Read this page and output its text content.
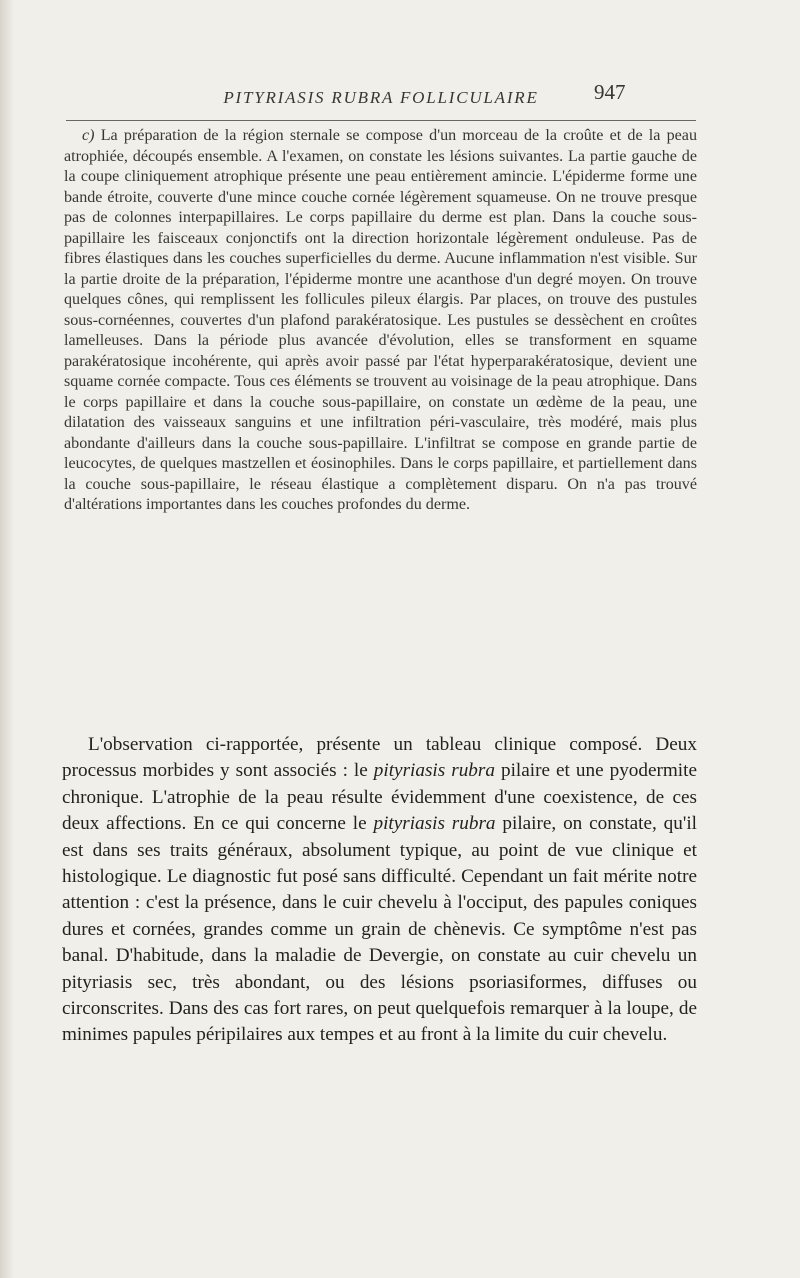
PITYRIASIS RUBRA FOLLICULAIRE	947

c) La préparation de la région sternale se compose d'un morceau de la croûte et de la peau atrophiée, découpés ensemble. A l'examen, on constate les lésions suivantes. La partie gauche de la coupe cliniquement atrophique présente une peau entièrement amincie. L'épiderme forme une bande étroite, couverte d'une mince couche cornée légèrement squameuse. On ne trouve presque pas de colonnes interpapillaires. Le corps papillaire du derme est plan. Dans la couche sous-papillaire les faisceaux conjonctifs ont la direction horizontale légèrement onduleuse. Pas de fibres élastiques dans les couches superficielles du derme. Aucune inflammation n'est visible. Sur la partie droite de la préparation, l'épiderme montre une acanthose d'un degré moyen. On trouve quelques cônes, qui remplissent les follicules pileux élargis. Par places, on trouve des pustules sous-cornéennes, couvertes d'un plafond parakératosique. Les pustules se dessèchent en croûtes lamelleuses. Dans la période plus avancée d'évolution, elles se transforment en squame parakératosique incohérente, qui après avoir passé par l'état hyperparakératosique, devient une squame cornée compacte. Tous ces éléments se trouvent au voisinage de la peau atrophique. Dans le corps papillaire et dans la couche sous-papillaire, on constate un œdème de la peau, une dilatation des vaisseaux sanguins et une infiltration péri-vasculaire, très modéré, mais plus abondante d'ailleurs dans la couche sous-papillaire. L'infiltrat se compose en grande partie de leucocytes, de quelques mastzellen et éosinophiles. Dans le corps papillaire, et partiellement dans la couche sous-papillaire, le réseau élastique a complètement disparu. On n'a pas trouvé d'altérations importantes dans les couches profondes du derme.

L'observation ci-rapportée, présente un tableau clinique composé. Deux processus morbides y sont associés : le pityriasis rubra pilaire et une pyodermite chronique. L'atrophie de la peau résulte évidemment d'une coexistence, de ces deux affections. En ce qui concerne le pityriasis rubra pilaire, on constate, qu'il est dans ses traits généraux, absolument typique, au point de vue clinique et histologique. Le diagnostic fut posé sans difficulté. Cependant un fait mérite notre attention : c'est la présence, dans le cuir chevelu à l'occiput, des papules coniques dures et cornées, grandes comme un grain de chènevis. Ce symptôme n'est pas banal. D'habitude, dans la maladie de Devergie, on constate au cuir chevelu un pityriasis sec, très abondant, ou des lésions psoriasiformes, diffuses ou circonscrites. Dans des cas fort rares, on peut quelquefois remarquer à la loupe, de minimes papules péripilaires aux tempes et au front à la limite du cuir chevelu.
